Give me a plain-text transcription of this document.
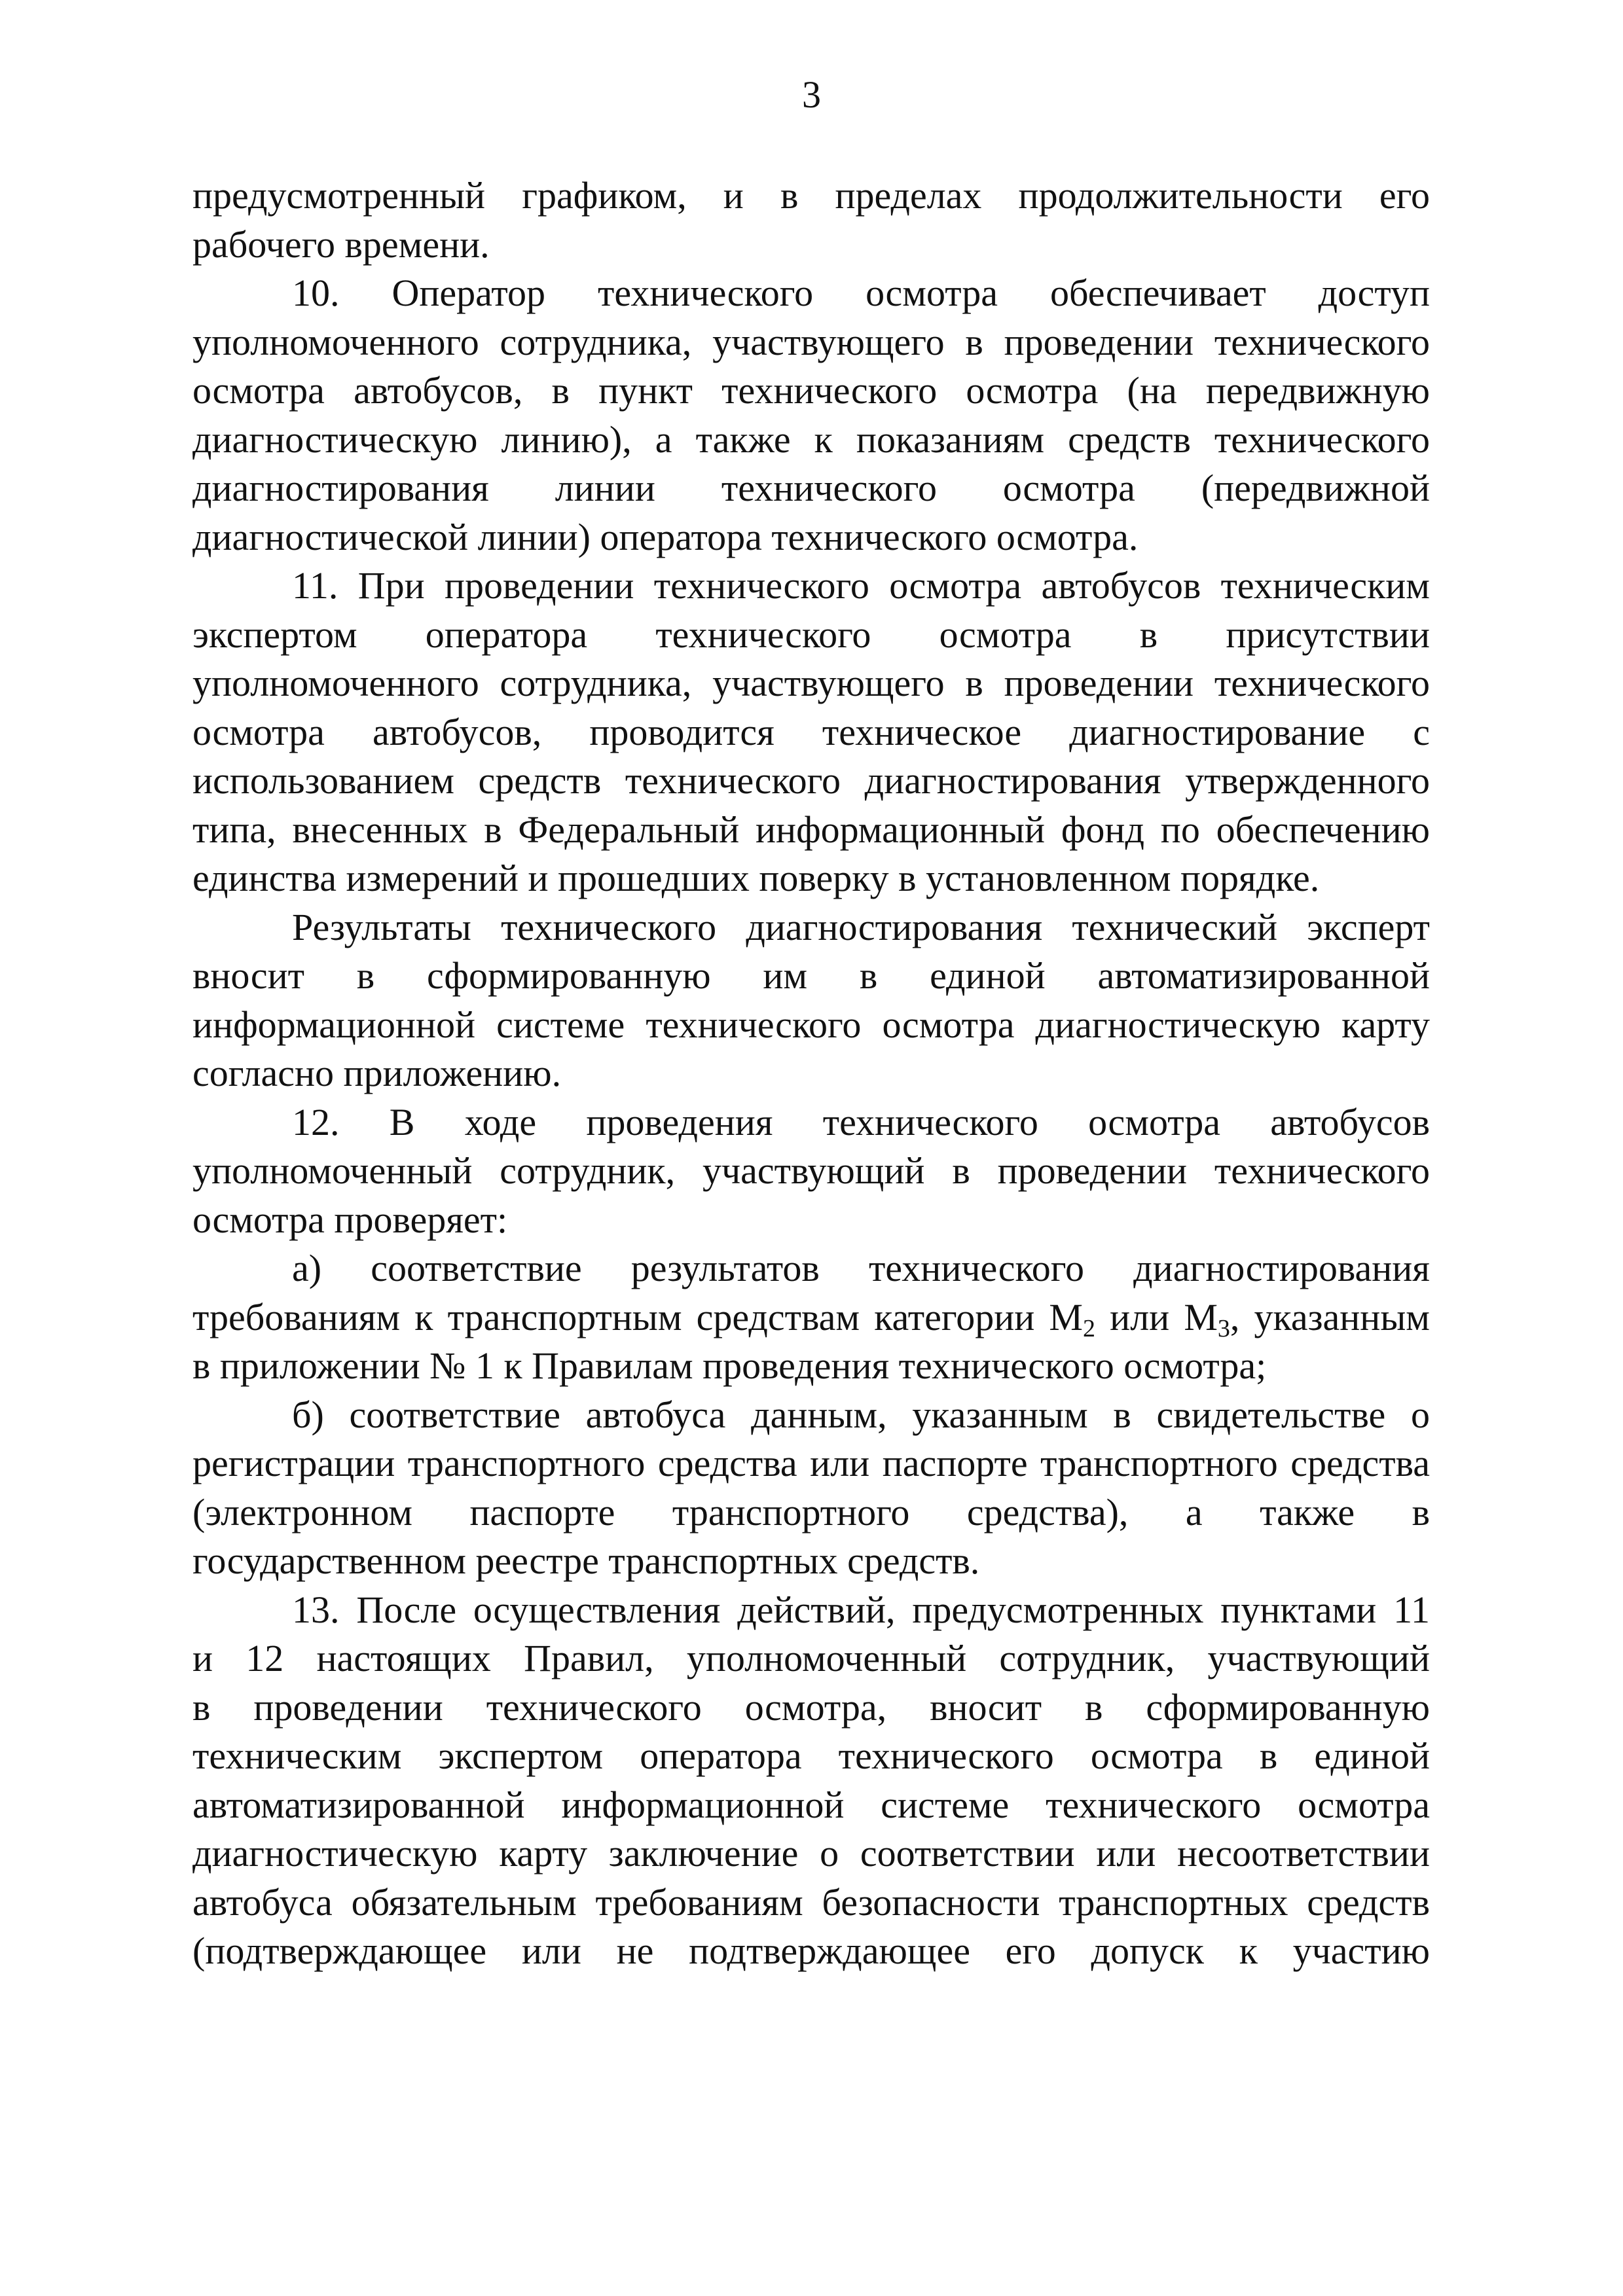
3
предусмотренный графиком, и в пределах продолжительности его
рабочего времени.
10. Оператор технического осмотра обеспечивает доступ
уполномоченного сотрудника, участвующего в проведении технического
осмотра автобусов, в пункт технического осмотра (на передвижную
диагностическую линию), а также к показаниям средств технического
диагностирования линии технического осмотра (передвижной
диагностической линии) оператора технического осмотра.
11. При проведении технического осмотра автобусов техническим
экспертом оператора технического осмотра в присутствии
уполномоченного сотрудника, участвующего в проведении технического
осмотра автобусов, проводится техническое диагностирование с
использованием средств технического диагностирования утвержденного
типа, внесенных в Федеральный информационный фонд по обеспечению
единства измерений и прошедших поверку в установленном порядке.
Результаты технического диагностирования технический эксперт
вносит в сформированную им в единой автоматизированной
информационной системе технического осмотра диагностическую карту
согласно приложению.
12. В ходе проведения технического осмотра автобусов
уполномоченный сотрудник, участвующий в проведении технического
осмотра проверяет:
а) соответствие результатов технического диагностирования
требованиям к транспортным средствам категории $M_2$ или $M_3$, указанным
в приложении № 1 к Правилам проведения технического осмотра;
б) соответствие автобуса данным, указанным в свидетельстве о
регистрации транспортного средства или паспорте транспортного средства
(электронном паспорте транспортного средства), а также в
государственном реестре транспортных средств.
13. После осуществления действий, предусмотренных пунктами 11
и 12 настоящих Правил, уполномоченный сотрудник, участвующий
в проведении технического осмотра, вносит в сформированную
техническим экспертом оператора технического осмотра в единой
автоматизированной информационной системе технического осмотра
диагностическую карту заключение о соответствии или несоответствии
автобуса обязательным требованиям безопасности транспортных средств
(подтверждающее или не подтверждающее его допуск к участию
